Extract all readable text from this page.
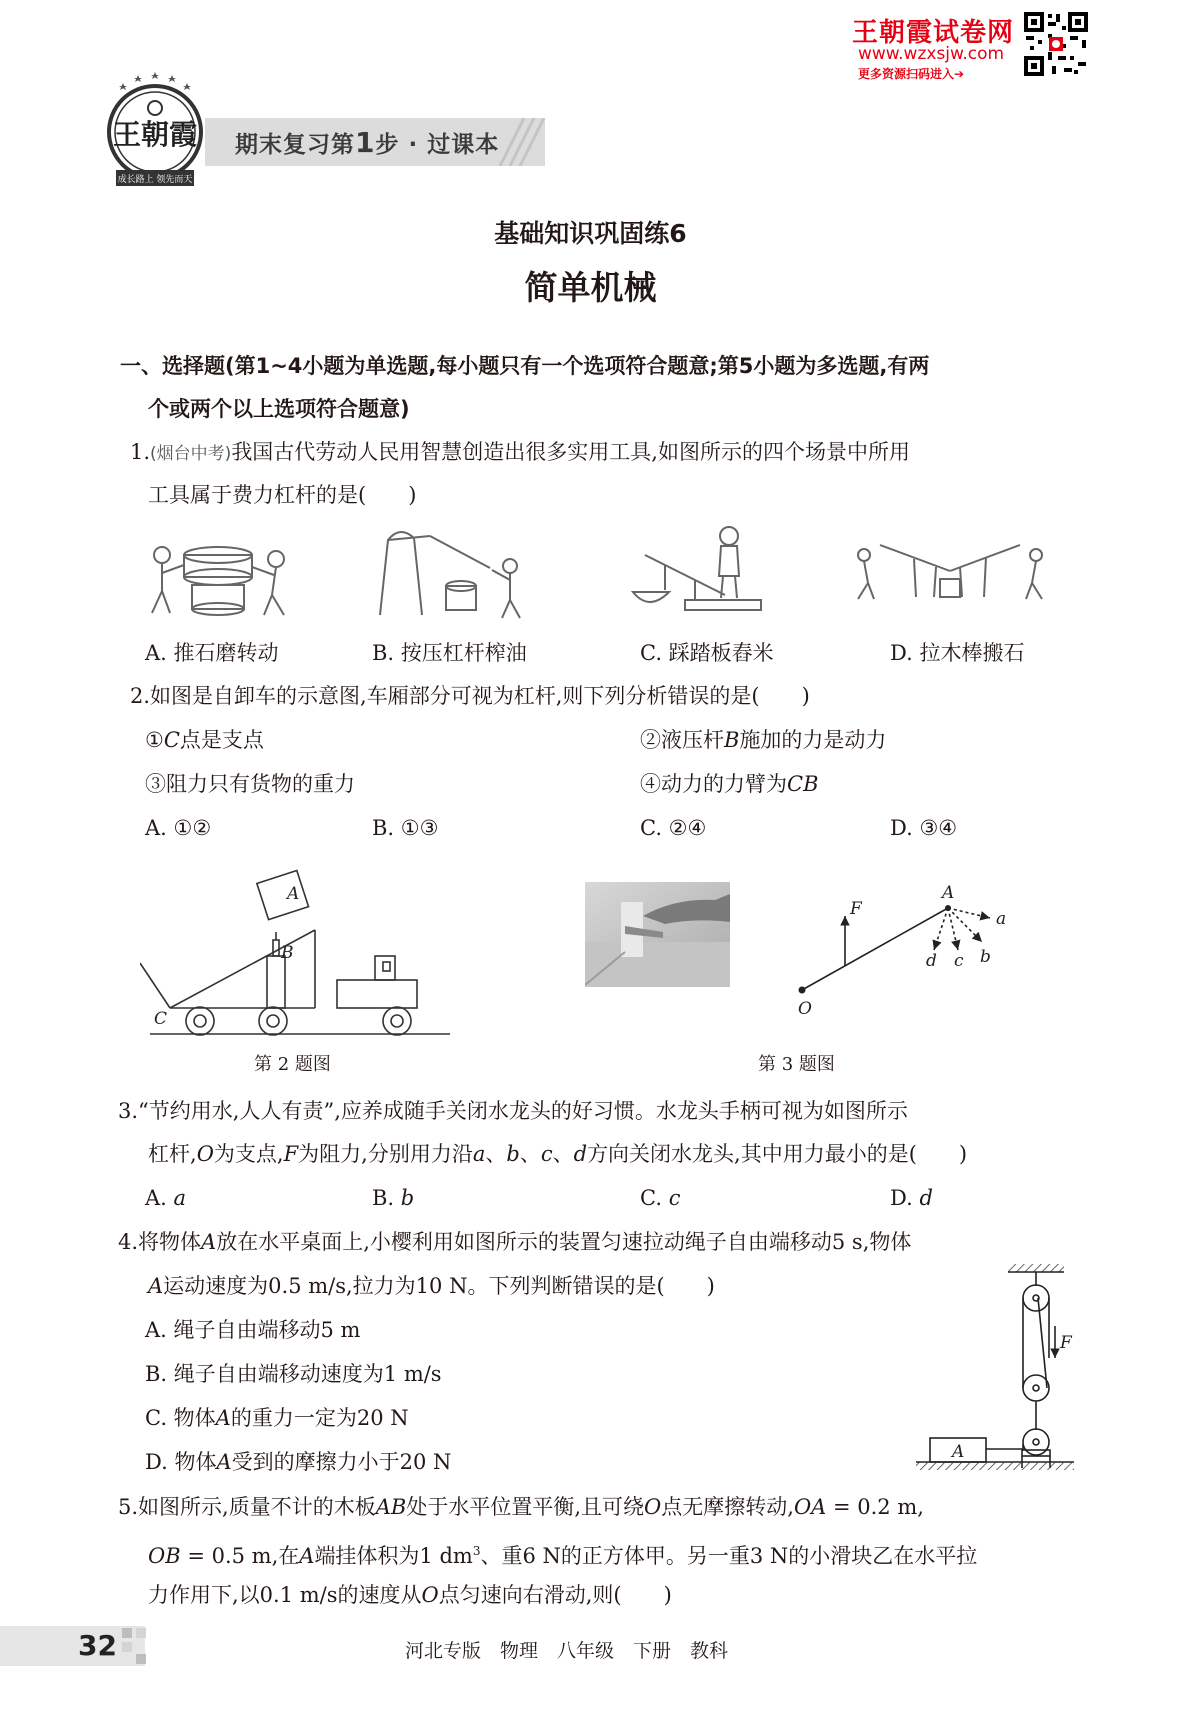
王朝霞试卷网
www.wzxsjw.com
更多资源扫码进入➔
王朝霞
成长路上 领先而天
期末复习第1步 · 过课本
基础知识巩固练6
简单机械
一、选择题(第1~4小题为单选题,每小题只有一个选项符合题意;第5小题为多选题,有两
个或两个以上选项符合题意)
1.(烟台中考)我国古代劳动人民用智慧创造出很多实用工具,如图所示的四个场景中所用
工具属于费力杠杆的是(　　)
A. 推石磨转动	B. 按压杠杆榨油	C. 踩踏板舂米	D. 拉木棒搬石
2.如图是自卸车的示意图,车厢部分可视为杠杆,则下列分析错误的是(　　)
①C点是支点	②液压杆B施加的力是动力
③阻力只有货物的重力	④动力的力臂为CB
A. ①②	B. ①③	C. ②④	D. ③④
A
B
C
第 2 题图
F
A
O
a
b
c
d
第 3 题图
3.“节约用水,人人有责”,应养成随手关闭水龙头的好习惯。水龙头手柄可视为如图所示
杠杆,O为支点,F为阻力,分别用力沿a、b、c、d方向关闭水龙头,其中用力最小的是(　　)
A. a	B. b	C. c	D. d
4.将物体A放在水平桌面上,小樱利用如图所示的装置匀速拉动绳子自由端移动5 s,物体
A运动速度为0.5 m/s,拉力为10 N。下列判断错误的是(　　)
A. 绳子自由端移动5 m
B. 绳子自由端移动速度为1 m/s
C. 物体A的重力一定为20 N
D. 物体A受到的摩擦力小于20 N
F
A
5.如图所示,质量不计的木板AB处于水平位置平衡,且可绕O点无摩擦转动,OA = 0.2 m,
OB = 0.5 m,在A端挂体积为1 $dm^3$、重6 N的正方体甲。另一重3 N的小滑块乙在水平拉
力作用下,以0.1 m/s的速度从O点匀速向右滑动,则(　　)
32	河北专版　物理　八年级　下册　教科
